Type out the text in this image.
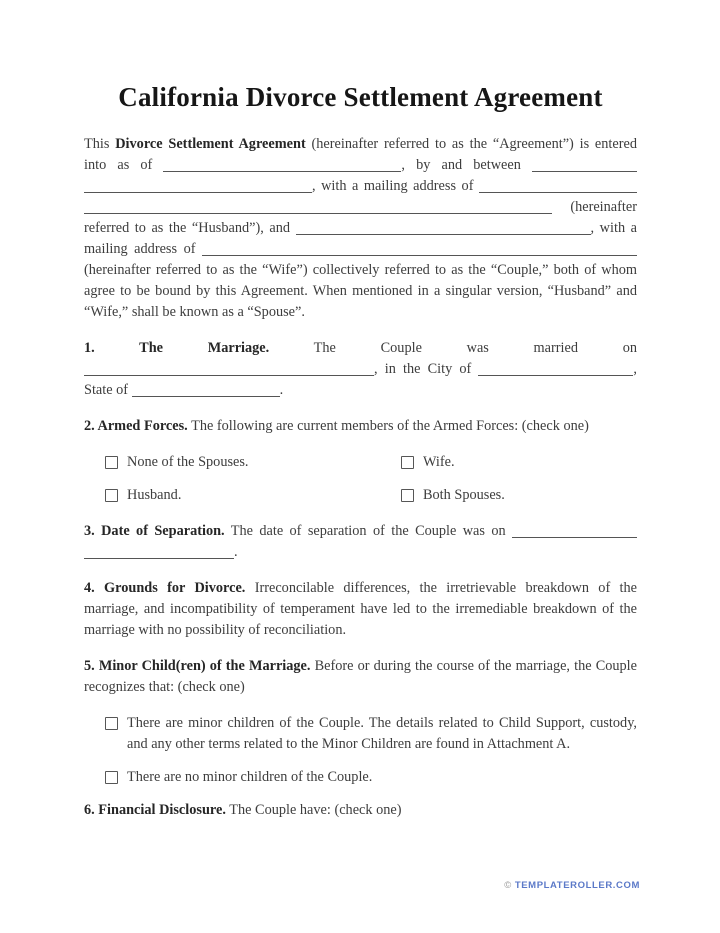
California Divorce Settlement Agreement

This Divorce Settlement Agreement (hereinafter referred to as the “Agreement”) is entered into as of	, by and between , with a mailing address of  (hereinafter referred to as the “Husband”), and	, with a mailing address of  (hereinafter referred to as the “Wife”) collectively referred to as the “Couple,” both of whom agree to be bound by this Agreement. When mentioned in a singular version, “Husband” and “Wife,” shall be known as a “Spouse”.

1. The Marriage. The Couple was married on , in the City of	, State of	.

2. Armed Forces. The following are current members of the Armed Forces: (check one)

None of the Spouses.	Wife.
Husband.	Both Spouses.

3. Date of Separation. The date of separation of the Couple was on .

4. Grounds for Divorce. Irreconcilable differences, the irretrievable breakdown of the marriage, and incompatibility of temperament have led to the irremediable breakdown of the marriage with no possibility of reconciliation.

5. Minor Child(ren) of the Marriage. Before or during the course of the marriage, the Couple recognizes that: (check one)

There are minor children of the Couple. The details related to Child Support, custody, and any other terms related to the Minor Children are found in Attachment A.
There are no minor children of the Couple.

6. Financial Disclosure. The Couple have: (check one)

© TEMPLATEROLLER.COM
